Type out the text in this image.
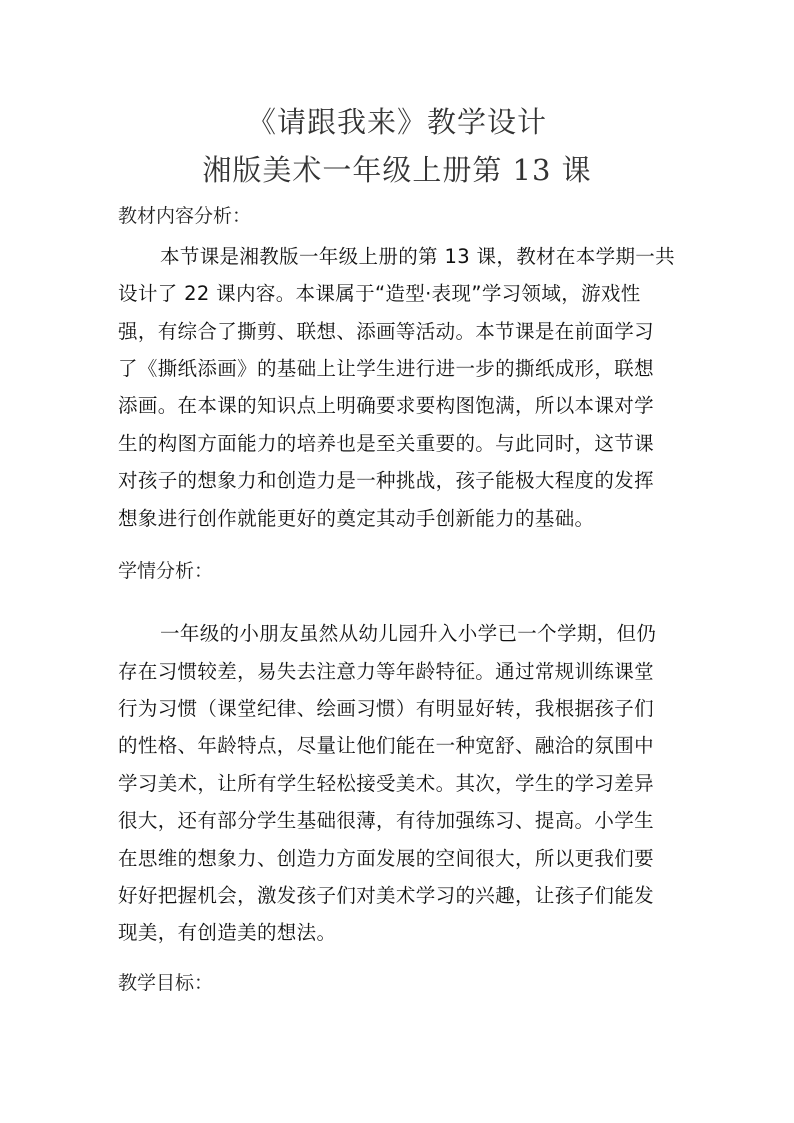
《请跟我来》教学设计
湘版美术一年级上册第 13 课
教材内容分析：
本节课是湘教版一年级上册的第 13 课，教材在本学期一共
设计了 22 课内容。本课属于“造型·表现”学习领域，游戏性
强，有综合了撕剪、联想、添画等活动。本节课是在前面学习
了《撕纸添画》的基础上让学生进行进一步的撕纸成形，联想
添画。在本课的知识点上明确要求要构图饱满，所以本课对学
生的构图方面能力的培养也是至关重要的。与此同时，这节课
对孩子的想象力和创造力是一种挑战，孩子能极大程度的发挥
想象进行创作就能更好的奠定其动手创新能力的基础。
学情分析：
一年级的小朋友虽然从幼儿园升入小学已一个学期，但仍
存在习惯较差，易失去注意力等年龄特征。通过常规训练课堂
行为习惯（课堂纪律、绘画习惯）有明显好转，我根据孩子们
的性格、年龄特点，尽量让他们能在一种宽舒、融洽的氛围中
学习美术，让所有学生轻松接受美术。其次，学生的学习差异
很大，还有部分学生基础很薄，有待加强练习、提高。小学生
在思维的想象力、创造力方面发展的空间很大，所以更我们要
好好把握机会，激发孩子们对美术学习的兴趣，让孩子们能发
现美，有创造美的想法。
教学目标：
